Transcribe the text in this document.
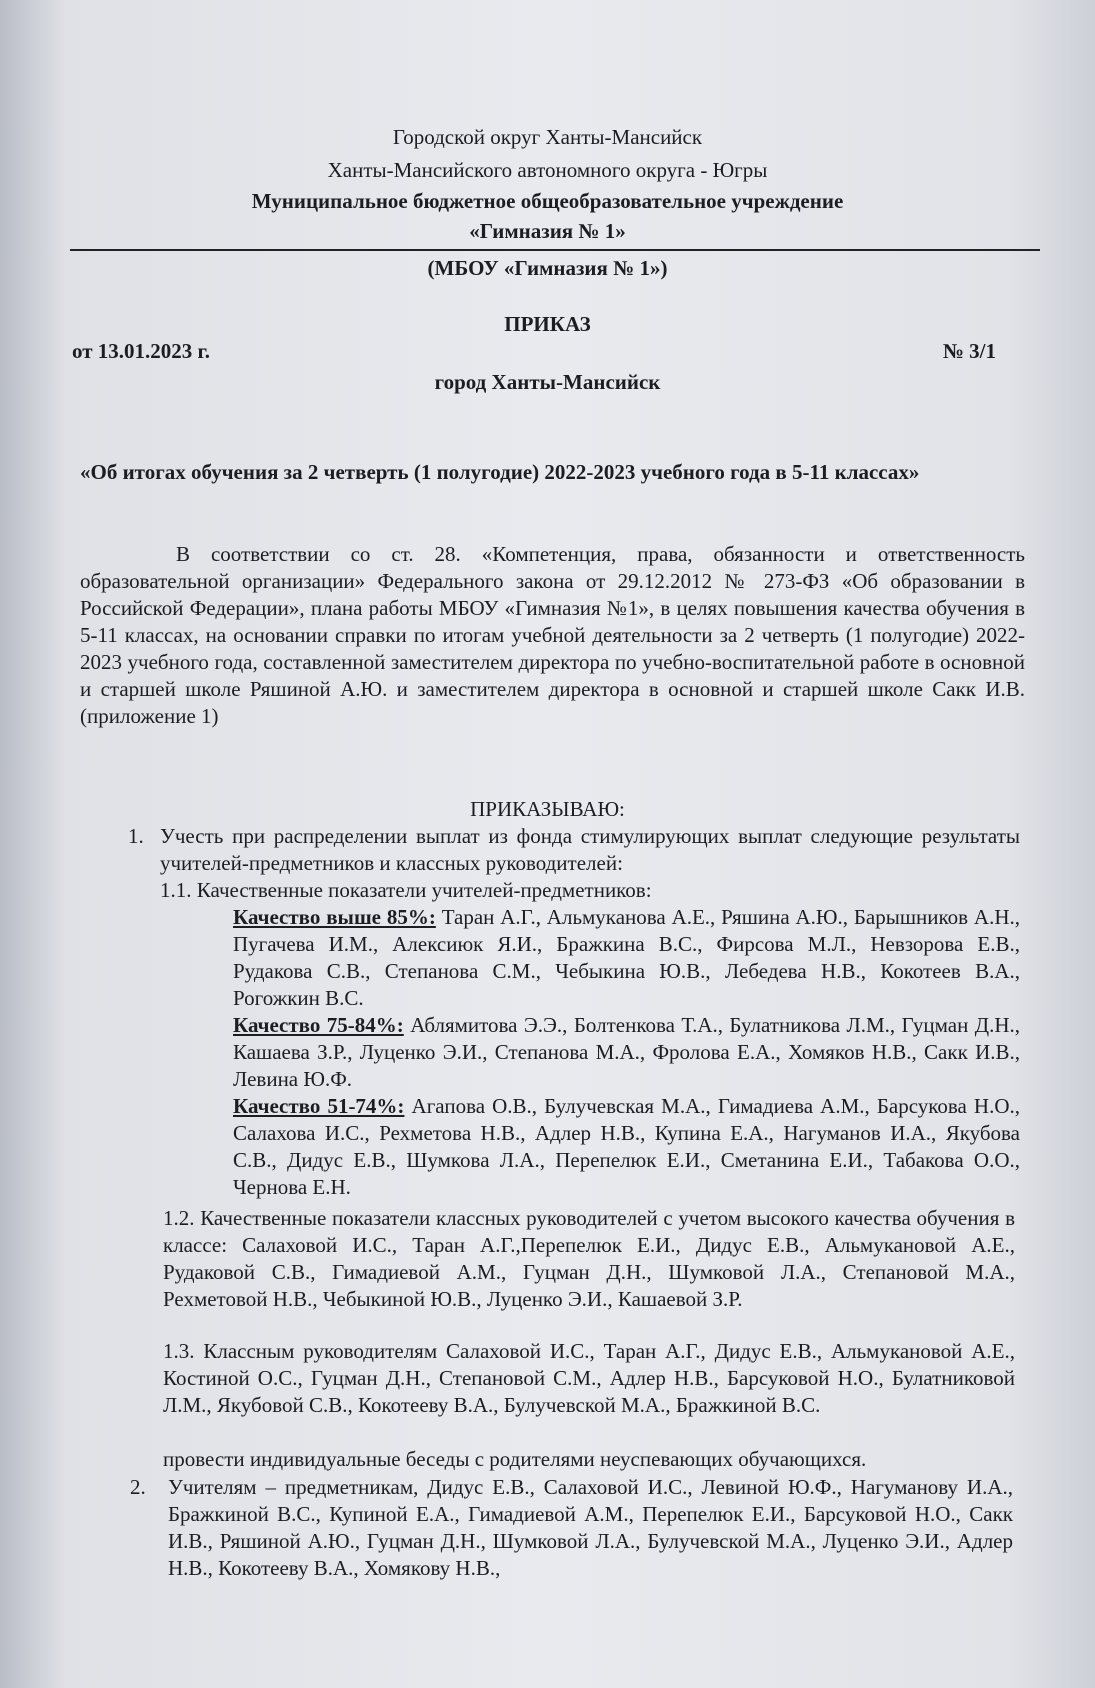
Городской округ Ханты-Мансийск
Ханты-Мансийского автономного округа - Югры
Муниципальное бюджетное общеобразовательное учреждение
«Гимназия № 1»
(МБОУ «Гимназия № 1»)
ПРИКАЗ
от 13.01.2023 г.	№ 3/1
город Ханты-Мансийск
«Об итогах обучения за 2 четверть (1 полугодие) 2022-2023 учебного года в 5-11 классах»
В соответствии со ст. 28. «Компетенция, права, обязанности и ответственность образовательной организации» Федерального закона от 29.12.2012 № 273-ФЗ «Об образовании в Российской Федерации», плана работы МБОУ «Гимназия №1», в целях повышения качества обучения в 5-11 классах, на основании справки по итогам учебной деятельности за 2 четверть (1 полугодие) 2022-2023 учебного года, составленной заместителем директора по учебно-воспитательной работе в основной и старшей школе Ряшиной А.Ю. и заместителем директора в основной и старшей школе Сакк И.В.(приложение 1)
ПРИКАЗЫВАЮ:
1. Учесть при распределении выплат из фонда стимулирующих выплат следующие результаты учителей-предметников и классных руководителей:
1.1. Качественные показатели учителей-предметников:
Качество выше 85%: Таран А.Г., Альмуканова А.Е., Ряшина А.Ю., Барышников А.Н., Пугачева И.М., Алексиюк Я.И., Бражкина В.С., Фирсова М.Л., Невзорова Е.В., Рудакова С.В., Степанова С.М., Чебыкина Ю.В., Лебедева Н.В., Кокотеев В.А., Рогожкин В.С.
Качество 75-84%: Аблямитова Э.Э., Болтенкова Т.А., Булатникова Л.М., Гуцман Д.Н., Кашаева З.Р., Луценко Э.И., Степанова М.А., Фролова Е.А., Хомяков Н.В., Сакк И.В., Левина Ю.Ф.
Качество 51-74%: Агапова О.В., Булучевская М.А., Гимадиева А.М., Барсукова Н.О., Салахова И.С., Рехметова Н.В., Адлер Н.В., Купина Е.А., Нагуманов И.А., Якубова С.В., Дидус Е.В., Шумкова Л.А., Перепелюк Е.И., Сметанина Е.И., Табакова О.О., Чернова Е.Н.
1.2. Качественные показатели классных руководителей с учетом высокого качества обучения в классе: Салаховой И.С., Таран А.Г.,Перепелюк Е.И., Дидус Е.В., Альмукановой А.Е., Рудаковой С.В., Гимадиевой А.М., Гуцман Д.Н., Шумковой Л.А., Степановой М.А., Рехметовой Н.В., Чебыкиной Ю.В., Луценко Э.И., Кашаевой З.Р.
1.3. Классным руководителям Салаховой И.С., Таран А.Г., Дидус Е.В., Альмукановой А.Е., Костиной О.С., Гуцман Д.Н., Степановой С.М., Адлер Н.В., Барсуковой Н.О., Булатниковой Л.М., Якубовой С.В., Кокотееву В.А., Булучевской М.А., Бражкиной В.С.
провести индивидуальные беседы с родителями неуспевающих обучающихся.
2. Учителям – предметникам, Дидус Е.В., Салаховой И.С., Левиной Ю.Ф., Нагуманову И.А., Бражкиной В.С., Купиной Е.А., Гимадиевой А.М., Перепелюк Е.И., Барсуковой Н.О., Сакк И.В., Ряшиной А.Ю., Гуцман Д.Н., Шумковой Л.А., Булучевской М.А., Луценко Э.И., Адлер Н.В., Кокотееву В.А., Хомякову Н.В.,
